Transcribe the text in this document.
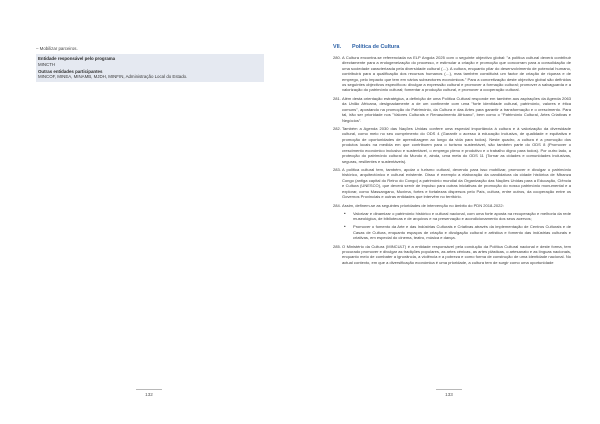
– Mobilizar parceiros.
Entidade responsável pelo programa
MINCTH
Outras entidades participantes
MINCOF, MINEA, MINAMB, MJDH, MINFIN, Administração Local do Estado.
132
VII. Política de Cultura

280. A Cultura encontra-se referenciada na ELP Angola 2025 com o seguinte objectivo global: "a política cultural deverá contribuir directamente para a endogeneização do processo, e estimular a criação e promoção que concorram para a consolidação de uma sociedade caracterizada pela diversidade cultural (…). A cultura, enquanto pilar do desenvolvimento de potencial humano, contribuirá para a qualificação dos recursos humanos (…), mas também constituirá um factor de criação de riqueza e de emprego, pelo impacto que tem em vários subsectores económicos." Para a concretização deste objectivo global são definidos os seguintes objectivos específicos: divulgar a expressão cultural e promover a formação cultural; promover a salvaguarda e a valorização do património cultural; fomentar a produção cultural, e promover a cooperação cultural.

281. Além desta orientação estratégica, a definição de uma Política Cultural responde em também aos aspirações da Agenda 2063 da União Africana, designadamente a de um continente com uma "forte identidade cultural, património, valores e ética comuns", apostando na promoção do Património, da Cultura e das Artes para garantir a transformação e o crescimento. Para tal, irão ser prioridade nos "Valores Culturais e Renascimento Africano", bem como o "Património Cultural, Artes Criativas e Negócios".

282. Também a Agenda 2030 das Nações Unidas confere uma especial importância à cultura e à valorização da diversidade cultural, como meio no seu cumprimento do ODS 4 (Garantir o acesso à educação inclusiva, de qualidade e equitativa e promoção de oportunidades de aprendizagem ao longo da vida para todos). Neste quadro, a cultura é a promoção dos produtos locais na medida em que contribuem para o turismo sustentável, são também parte do ODS 8 (Promover o crescimento económico inclusivo e sustentável, o emprego pleno e produtivo e o trabalho digno para todos). Por outro lado, a protecção do património cultural do Mundo é, ainda, uma meta do ODS 11 (Tornar as cidades e comunidades inclusivas, seguras, resilientes e sustentáveis).

283. A política cultural tem, também, apoiar o turismo cultural, devendo para isso mobilizar, promover e divulgar o património histórico, arquitectónico e cultural existente. Disso é exemplo a elaboração da candidatura da cidade histórica de Mbanza Congo (antiga capital do Reino do Congo) a património mundial da Organização das Nações Unidas para a Educação, Ciência e Cultura (UNESCO), que deverá servir de impulso para outras iniciativas de promoção do nosso património monumental e a explorar, como Massangano, Muxima, fortes e fortalezas dispersos pelo País, cultura, entre outros, da cooperação entre os Governos Provinciais e outras entidades que intervêm no território.

284. Assim, definem-se as seguintes prioridades de intervenção no âmbito do PDN 2018-2022:

• Valorizar e dinamizar o património histórico e cultural nacional, com uma forte aposta na recuperação e melhoria da rede museológica, de bibliotecas e de arquivos e na preservação e acondicionamento dos seus acervos;
• Promover o fomento da Arte e das Indústrias Culturais e Criativas através da implementação de Centros Culturais e de Casas de Cultura, enquanto espaços de criação e divulgação cultural e artística e fomento das indústrias culturais e criativas, em especial do cinema, teatro, música e dança.

285. O Ministério da Cultura (MINCULT) é a entidade responsável pela condução da Política Cultural nacional e deste forma, tem procurado promover e divulgar as tradições populares, as artes cénicas, as artes plásticas, o artesanato e as línguas nacionais, enquanto meio de combater a ignorância, a violência e a pobreza e como forma de construção de uma identidade nacional. No actual contexto, em que a diversificação económica é uma prioridade, a cultura tem de surgir como uma oportunidade

133
